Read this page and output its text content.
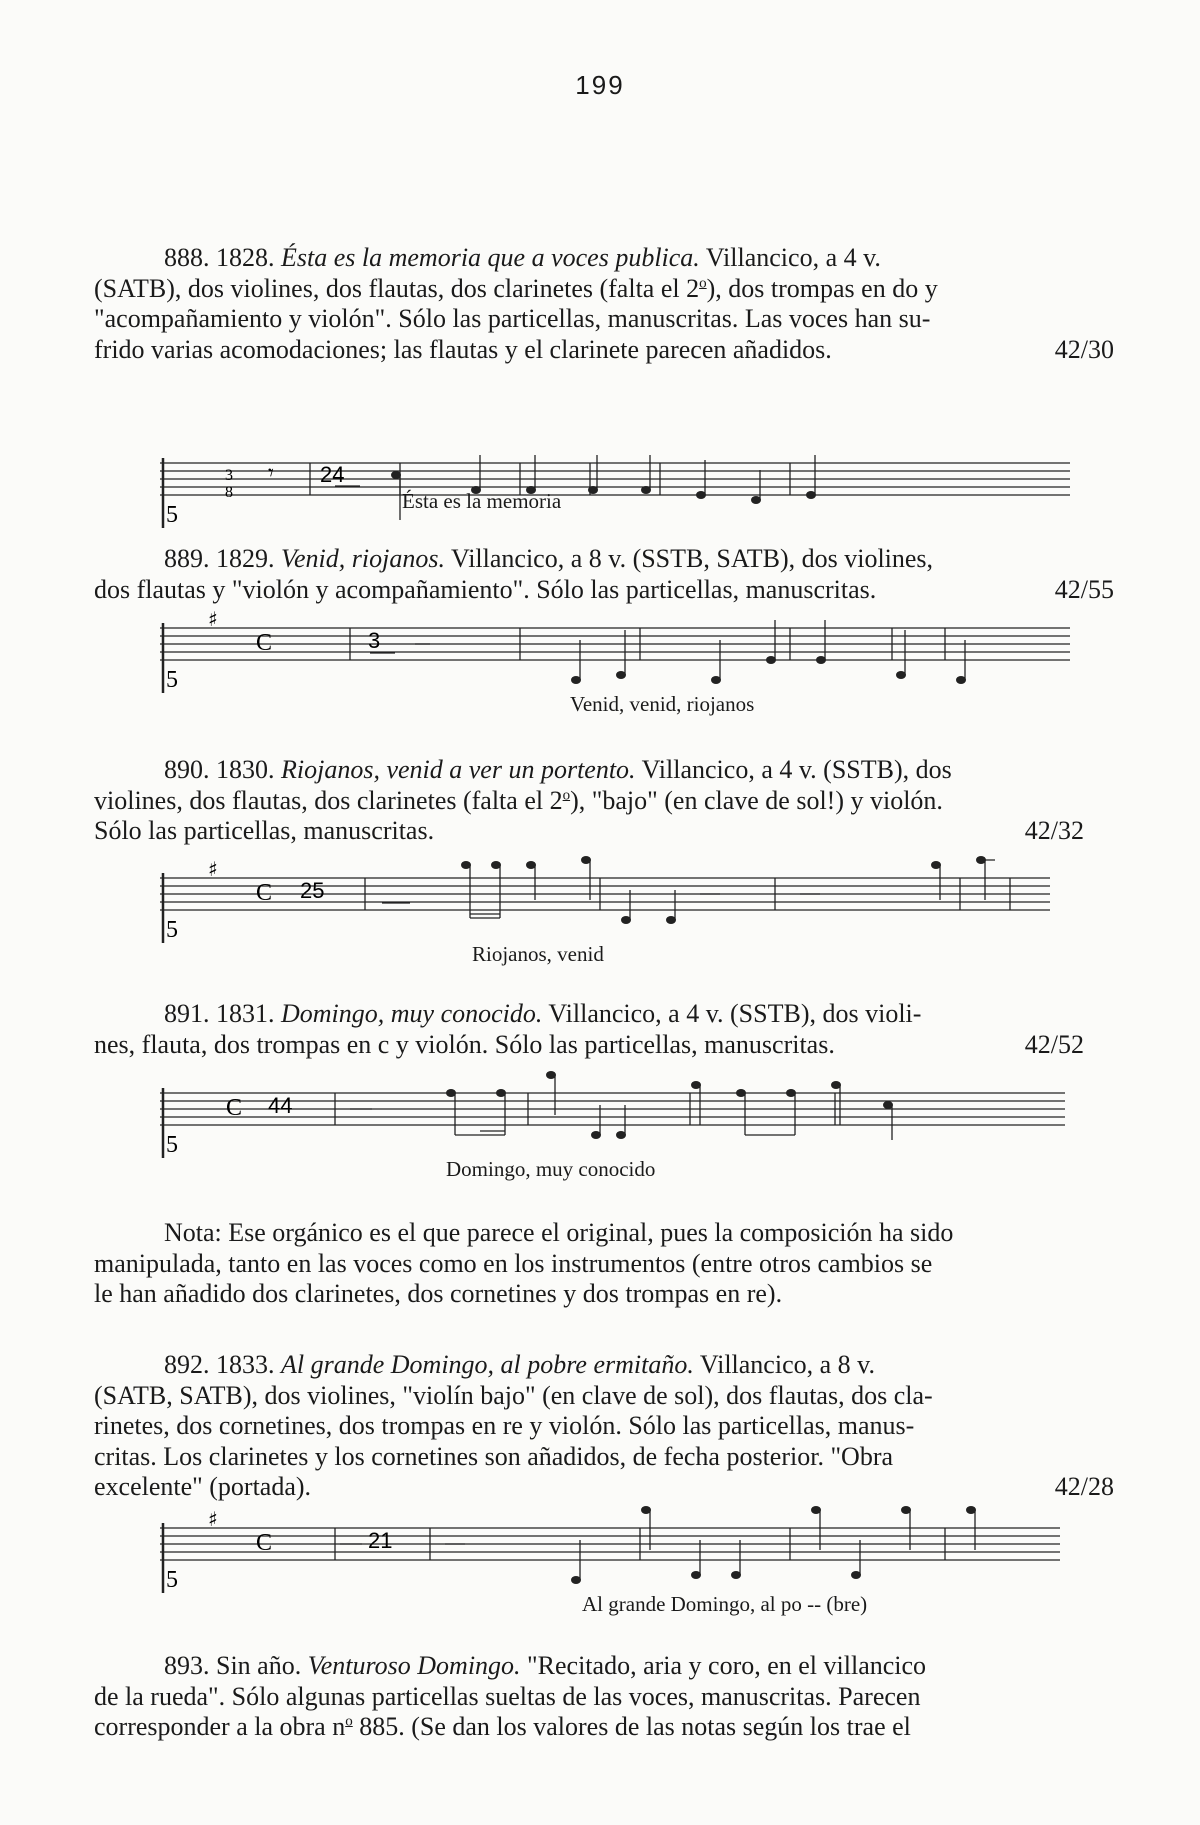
199
888. 1828. Ésta es la memoria que a voces publica. Villancico, a 4 v.
(SATB), dos violines, dos flautas, dos clarinetes (falta el 2$^o$), dos trompas en do y
"acompañamiento y violón". Sólo las particellas, manuscritas. Las voces han su-
frido varias acomodaciones; las flautas y el clarinete parecen añadidos.	42/30
5
3
8
𝄾 24
Ésta es la memoria
889. 1829. Venid, riojanos. Villancico, a 8 v. (SSTB, SATB), dos violines,
dos flautas y "violón y acompañamiento". Sólo las particellas, manuscritas.	42/55
5
♯
C	3
Venid, venid, riojanos
890. 1830. Riojanos, venid a ver un portento. Villancico, a 4 v. (SSTB), dos
violines, dos flautas, dos clarinetes (falta el 2$^o$), "bajo" (en clave de sol!) y violón.
Sólo las particellas, manuscritas.	42/32
5
♯
C 25
Riojanos, venid
891. 1831. Domingo, muy conocido. Villancico, a 4 v. (SSTB), dos violi-
nes, flauta, dos trompas en c y violón. Sólo las particellas, manuscritas.	42/52
5
C 44
Domingo, muy conocido
Nota: Ese orgánico es el que parece el original, pues la composición ha sido
manipulada, tanto en las voces como en los instrumentos (entre otros cambios se
le han añadido dos clarinetes, dos cornetines y dos trompas en re).
892. 1833. Al grande Domingo, al pobre ermitaño. Villancico, a 8 v.
(SATB, SATB), dos violines, "violín bajo" (en clave de sol), dos flautas, dos cla-
rinetes, dos cornetines, dos trompas en re y violón. Sólo las particellas, manus-
critas. Los clarinetes y los cornetines son añadidos, de fecha posterior. "Obra
excelente" (portada).	42/28
5
♯
C	21
Al grande Domingo, al po -- (bre)
893. Sin año. Venturoso Domingo. "Recitado, aria y coro, en el villancico
de la rueda". Sólo algunas particellas sueltas de las voces, manuscritas. Parecen
corresponder a la obra $n^o$ 885. (Se dan los valores de las notas según los trae el
